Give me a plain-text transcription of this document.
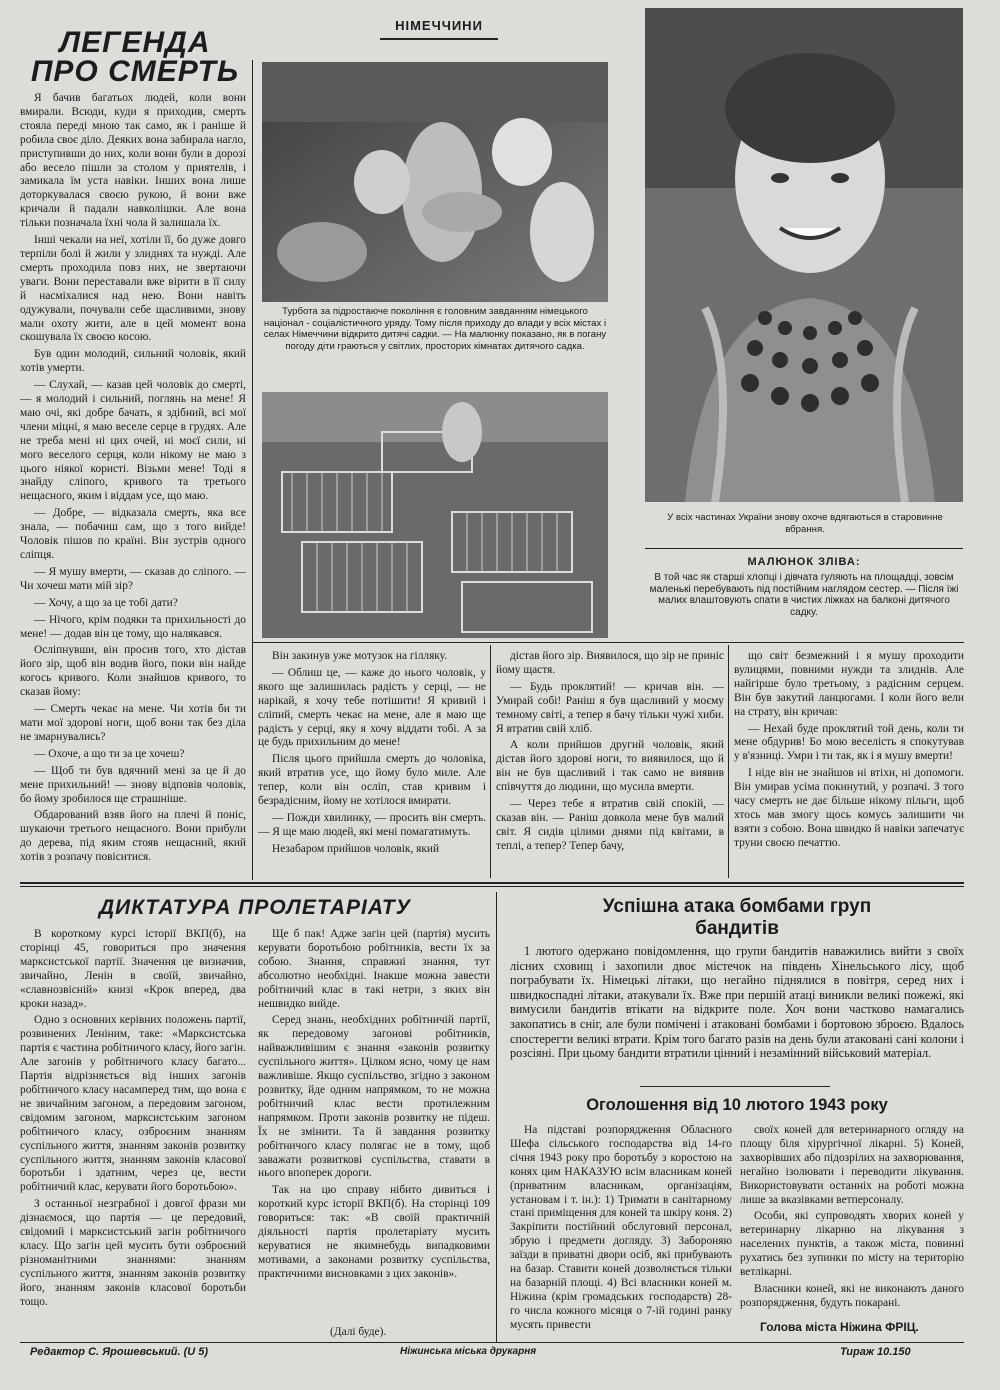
НІМЕЧЧИНИ
ЛЕГЕНДА
ПРО СМЕРТЬ

Я бачив багатьох людей, коли вони вмирали. Всюди, куди я приходив, смерть стояла переді мною так само, як і раніше й робила своє діло. Деяких вона забирала нагло, приступивши до них, коли вони були в дорозі або весело пішли за столом у приятелів, і замикала їм уста навіки. Інших вона лише доторкувалася своєю рукою, й вони вже кричали й падали навколішки. Але вона тільки позначала їхні чола й залишала їх.

Інші чекали на неї, хотіли її, бо дуже довго терпіли болі й жили у злиднях та нужді. Але смерть проходила повз них, не звертаючи уваги. Вони переставали вже вірити в її силу й насміхалися над нею. Вони навіть одужували, почували себе щасливими, знову мали охоту жити, але в цей момент вона скошувала їх своєю косою.

Був один молодий, сильний чоловік, який хотів умерти.

— Слухай, — казав цей чоловік до смерті, — я молодий і сильний, поглянь на мене! Я маю очі, які добре бачать, я здібний, всі мої члени міцні, я маю веселе серце в грудях. Але не треба мені ні цих очей, ні моєї сили, ні мого веселого серця, коли нікому не маю з цього ніякої користі. Візьми мене! Тоді я знайду сліпого, кривого та третього нещасного, яким і віддам усе, що маю.

— Добре, — відказала смерть, яка все знала, — побачиш сам, що з того вийде! Чоловік пішов по країні. Він зустрів одного сліпця.

— Я мушу вмерти, — сказав до сліпого. — Чи хочеш мати мій зір?

— Хочу, а що за це тобі дати?

— Нічого, крім подяки та прихильності до мене! — додав він це тому, що налякався.

Осліпнувши, він просив того, хто дістав його зір, щоб він водив його, поки він найде когось кривого. Коли знайшов кривого, то сказав йому:

— Смерть чекає на мене. Чи хотів би ти мати мої здорові ноги, щоб вони так без діла не змарнувались?

— Охоче, а що ти за це хочеш?

— Щоб ти був вдячний мені за це й до мене прихильний! — знову відповів чоловік, бо йому зробилося ще страшніше.

Обдарований взяв його на плечі й поніс, шукаючи третього нещасного. Вони прибули до дерева, під яким стояв нещасний, який хотів з розпачу повіситися.

Турбота за підростаюче покоління є головним завданням німецького націонал - соціалістичного уряду. Тому після приходу до влади у всіх містах і селах Німеччини відкрито дитячі садки. — На малюнку показано, як в погану погоду діти граються у світлих, просторих кімнатах дитячого садка.
У всіх частинах України знову охоче вдягаються в старовинне вбрання.
МАЛЮНОК ЗЛІВА:
В той час як старші хлопці і дівчата гуляють на площадці, зовсім маленькі перебувають під постійним наглядом сестер. — Після їжі малих влаштовують спати в чистих ліжках на балконі дитячого садку.

Він закинув уже мотузок на гілляку.

— Облиш це, — каже до нього чоловік, у якого ще залишилась радість у серці, — не нарікай, я хочу тебе потішити! Я кривий і сліпий, смерть чекає на мене, але я маю ще радість у серці, яку я хочу віддати тобі. А за це будь прихильним до мене!

Після цього прийшла смерть до чоловіка, який втратив усе, що йому було миле. Але тепер, коли він осліп, став кривим і безрадісним, йому не хотілося вмирати.

— Пожди хвилинку, — просить він смерть. — Я ще маю людей, які мені помагатимуть.

Незабаром прийшов чоловік, який

дістав його зір. Виявилося, що зір не приніс йому щастя.

— Будь проклятий! — кричав він. — Умирай собі! Раніш я був щасливий у моєму темному світі, а тепер я бачу тільки чужі хиби. Я втратив свій хліб.

А коли прийшов другий чоловік, який дістав його здорові ноги, то виявилося, що й він не був щасливий і так само не виявив співчуття до людини, що мусила вмерти.

— Через тебе я втратив свій спокій, — сказав він. — Раніш довкола мене був малий світ. Я сидів цілими днями під квітами, в теплі, а тепер? Тепер бачу,

що світ безмежний і я мушу проходити вулицями, повними нужди та злиднів. Але найгірше було третьому, з радісним серцем. Він був закутий ланцюгами. І коли його вели на страту, він кричав:

— Нехай буде проклятий той день, коли ти мене обдурив! Бо мою веселість я спокутував у в'язниці. Умри і ти так, як і я мушу вмерти!

І ніде він не знайшов ні втіхи, ні допомоги. Він умирав усіма покинутий, у розпачі. З того часу смерть не дає більше нікому пільги, щоб хтось мав змогу щось комусь залишити чи взяти з собою. Вона швидко й навіки запечатує труни своєю печаттю.

ДИКТАТУРА ПРОЛЕТАРІАТУ

В короткому курсі історії ВКП(б), на сторінці 45, говориться про значення марксистської партії. Значення це визначив, звичайно, Ленін в своїй, звичайно, «славнозвісній» книзі «Крок вперед, два кроки назад».

Одно з основних керівних положень партії, розвинених Леніним, таке: «Марксистська партія є частина робітничого класу, його загін. Але загонів у робітничого класу багато... Партія відрізняється від інших загонів робітничого класу насамперед тим, що вона є не звичайним загоном, а передовим загоном, свідомим загоном, марксистським загоном робітничого класу, озброєним знанням суспільного життя, знанням законів розвитку суспільного життя, знанням законів класової боротьби і здатним, через це, вести робітничий клас, керувати його боротьбою».

З останньої незграбної і довгої фрази ми дізнаємося, що партія — це передовий, свідомий і марксистський загін робітничого класу. Що загін цей мусить бути озброєний різноманітними знаннями: знанням суспільного життя, знанням законів розвитку його, знанням законів класової боротьби тощо.

Ще б пак! Адже загін цей (партія) мусить керувати боротьбою робітників, вести їх за собою. Знання, справжні знання, тут абсолютно необхідні. Інакше можна завести робітничий клас в такі нетри, з яких він нешвидко вийде.

Серед знань, необхідних робітничій партії, як передовому загонові робітників, найважливішим є знання «законів розвитку суспільного життя». Цілком ясно, чому це нам важливіше. Якщо суспільство, згідно з законом розвитку, йде одним напрямком, то не можна робітничий клас вести протилежним напрямком. Проти законів розвитку не підеш. Їх не змінити. Та й завдання розвитку робітничого класу полягає не в тому, щоб заважати розвиткові суспільства, ставати в нього впоперек дороги.

Так на цю справу нібито дивиться і короткий курс історії ВКП(б). На сторінці 109 говориться: так: «В своїй практичній діяльності партія пролетаріату мусить керуватися не якимнебудь випадковими мотивами, а законами розвитку суспільства, практичними висновками з цих законів».

(Далі буде).
Успішна атака бомбами груп
бандитів

1 лютого одержано повідомлення, що групи бандитів наважились вийти з своїх лісних сховищ і захопили двоє містечок на південь Хінельського лісу, щоб пограбувати їх. Німецькі літаки, що негайно піднялися в повітря, серед них і швидкоспадні літаки, атакували їх. Вже при першій атаці виникли великі пожежі, які вимусили бандитів втікати на відкрите поле. Хоч вони частково намагались закопатись в сніг, але були помічені і атаковані бомбами і бортовою зброєю. Вдалось спостерегти великі втрати. Крім того багато разів на день були атаковані сані колони і розсіяні. При цьому бандити втратили цінний і незамінний військовий матеріал.

Оголошення від 10 лютого 1943 року

На підставі розпорядження Обласного Шефа сільського господарства від 14-го січня 1943 року про боротьбу з коростою на конях цим НАКАЗУЮ всім власникам коней (приватним власникам, організаціям, установам і т. ін.): 1) Тримати в санітарному стані приміщення для коней та шкіру коня. 2) Закріпити постійний обслуговий персонал, збрую і предмети догляду. 3) Забороняю заїзди в приватні двори осіб, які прибувають на базар. Ставити коней дозволяється тільки на базарній площі. 4) Всі власники коней м. Ніжина (крім громадських господарств) 28-го числа кожного місяця о 7-ій годині ранку мусять привести

своїх коней для ветеринарного огляду на площу біля хірургічної лікарні. 5) Коней, захворівших або підозрілих на захворювання, негайно ізолювати і переводити лікування. Використовувати останніх на роботі можна лише за вказівками ветперсоналу.

Особи, які супроводять хворих коней у ветеринарну лікарню на лікування з населених пунктів, а також міста, повинні рухатись без зупинки по місту на територію ветлікарні.

Власники коней, які не виконають даного розпорядження, будуть покарані.

Голова міста Ніжина ФРІЦ.
Редактор С. Ярошевський. (U 5)	Ніжинська міська друкарня	Тираж 10.150
